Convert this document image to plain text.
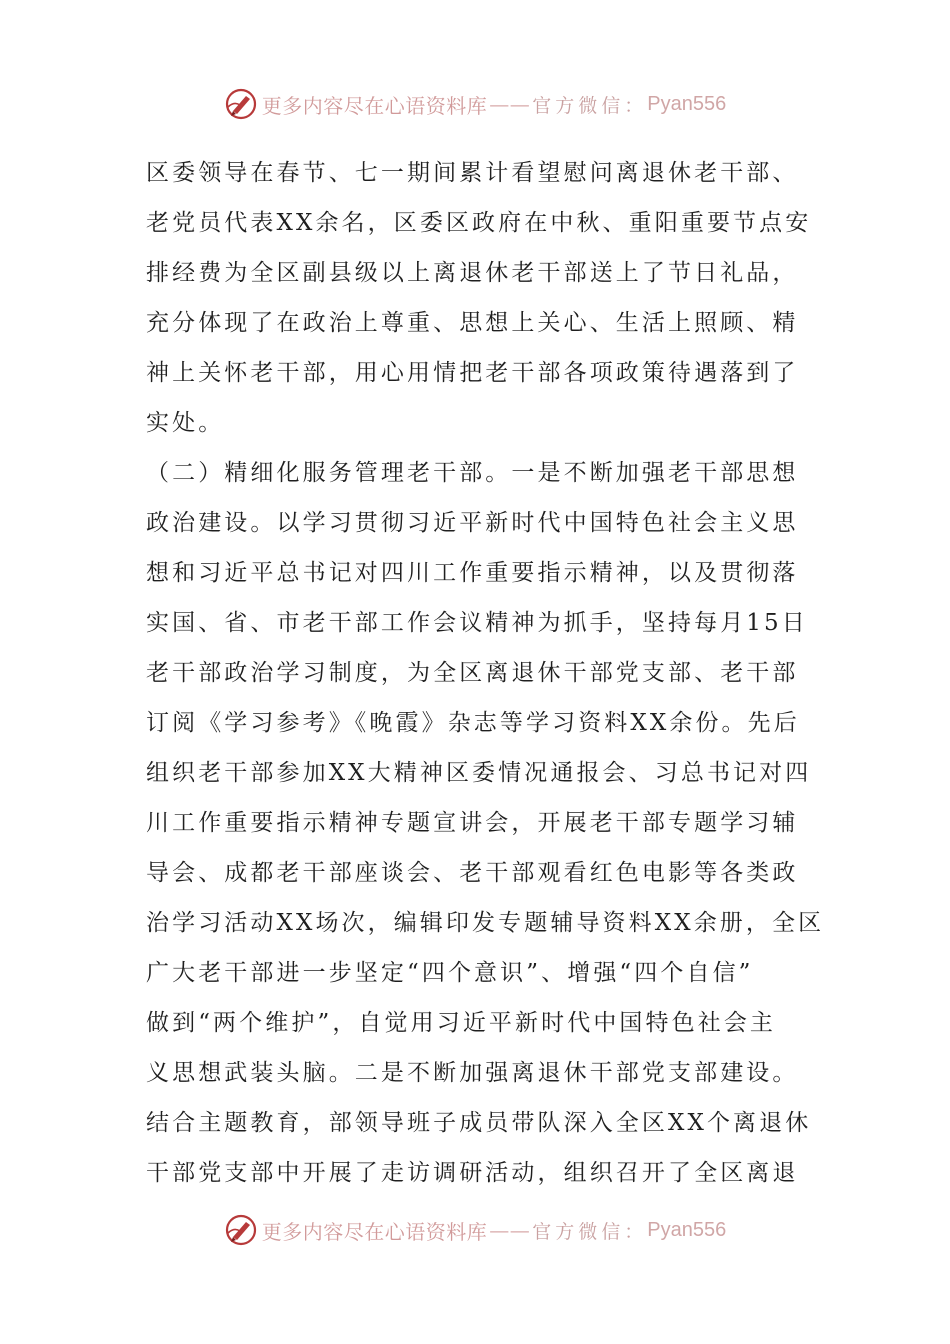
更多内容尽在心语资料库 —— 官方微信： Pyan556
区委领导在春节、七一期间累计看望慰问离退休老干部、
老党员代表XX余名，区委区政府在中秋、重阳重要节点安
排经费为全区副县级以上离退休老干部送上了节日礼品，
充分体现了在政治上尊重、思想上关心、生活上照顾、精
神上关怀老干部，用心用情把老干部各项政策待遇落到了
实处。
（二）精细化服务管理老干部。一是不断加强老干部思想
政治建设。以学习贯彻习近平新时代中国特色社会主义思
想和习近平总书记对四川工作重要指示精神，以及贯彻落
实国、省、市老干部工作会议精神为抓手，坚持每月15日
老干部政治学习制度，为全区离退休干部党支部、老干部
订阅《学习参考》《晚霞》杂志等学习资料XX余份。先后
组织老干部参加XX大精神区委情况通报会、习总书记对四
川工作重要指示精神专题宣讲会，开展老干部专题学习辅
导会、成都老干部座谈会、老干部观看红色电影等各类政
治学习活动XX场次，编辑印发专题辅导资料XX余册，全区
广大老干部进一步坚定“四个意识”、增强“四个自信”
做到“两个维护”，自觉用习近平新时代中国特色社会主
义思想武装头脑。二是不断加强离退休干部党支部建设。
结合主题教育，部领导班子成员带队深入全区XX个离退休
干部党支部中开展了走访调研活动，组织召开了全区离退
更多内容尽在心语资料库 —— 官方微信： Pyan556
